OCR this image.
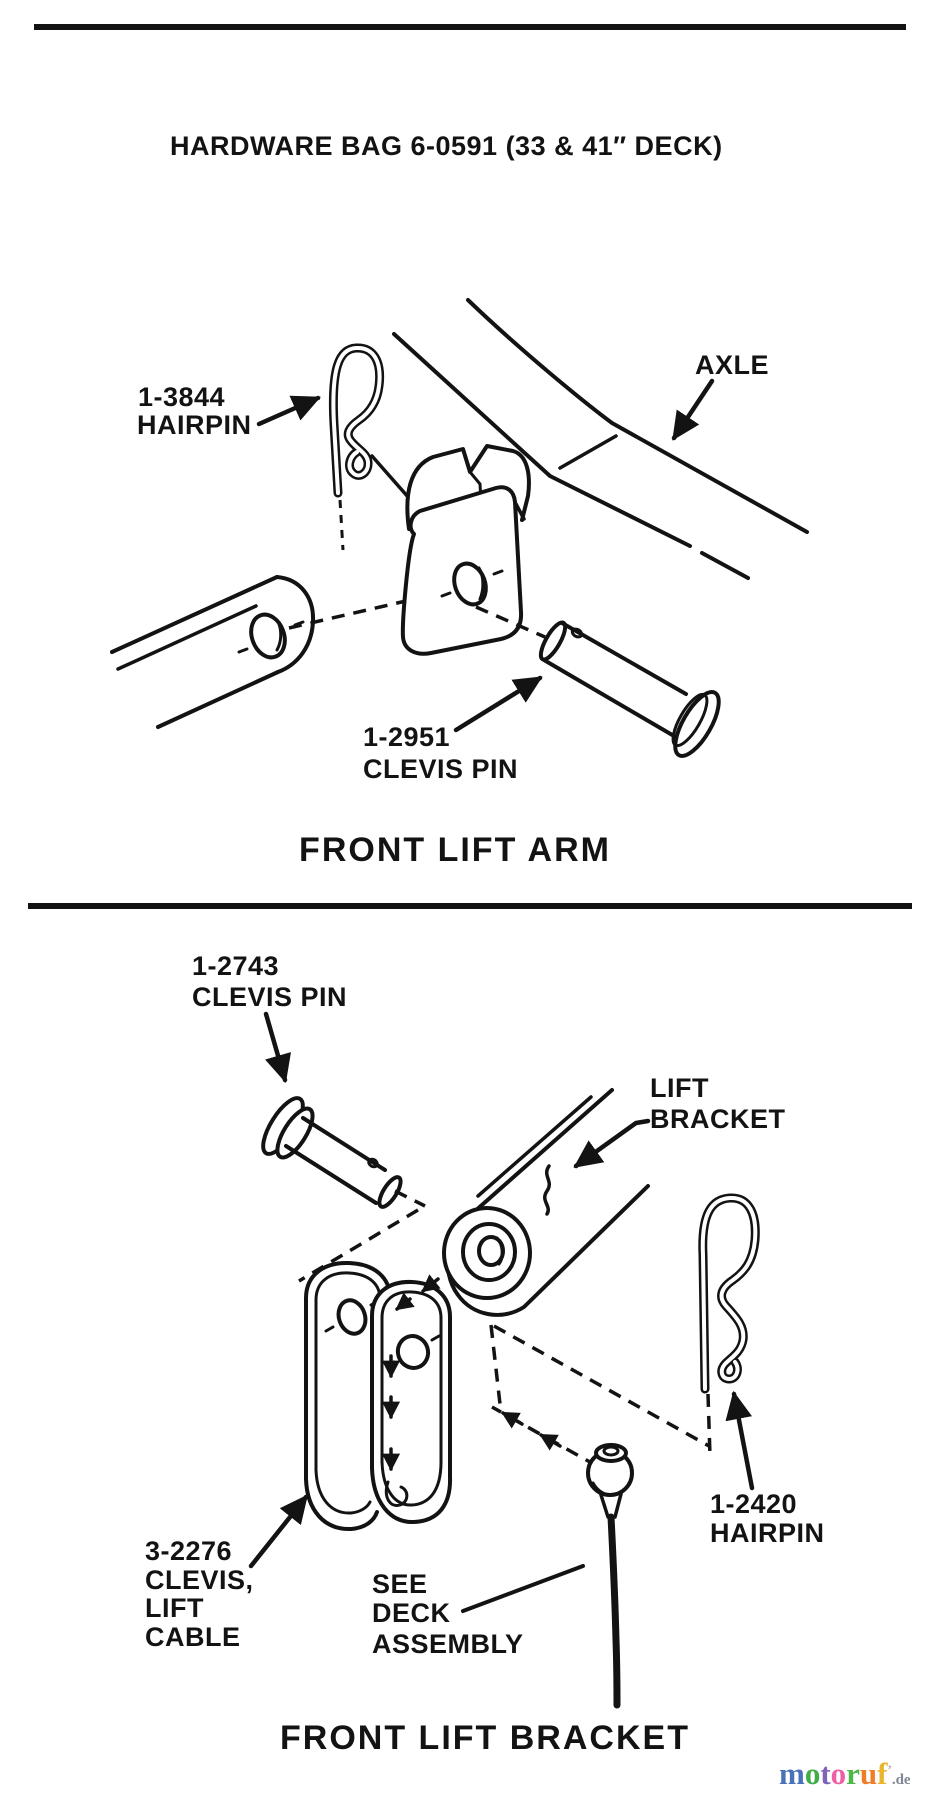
HARDWARE BAG 6-0591 (33 & 41″ DECK)
1-3844
HAIRPIN
AXLE
1-2951
CLEVIS PIN
FRONT LIFT ARM
1-2743
CLEVIS PIN
LIFT
BRACKET
3-2276
CLEVIS,
LIFT
CABLE
SEE
DECK
ASSEMBLY
1-2420
HAIRPIN
FRONT LIFT BRACKET
motoruf’.de
